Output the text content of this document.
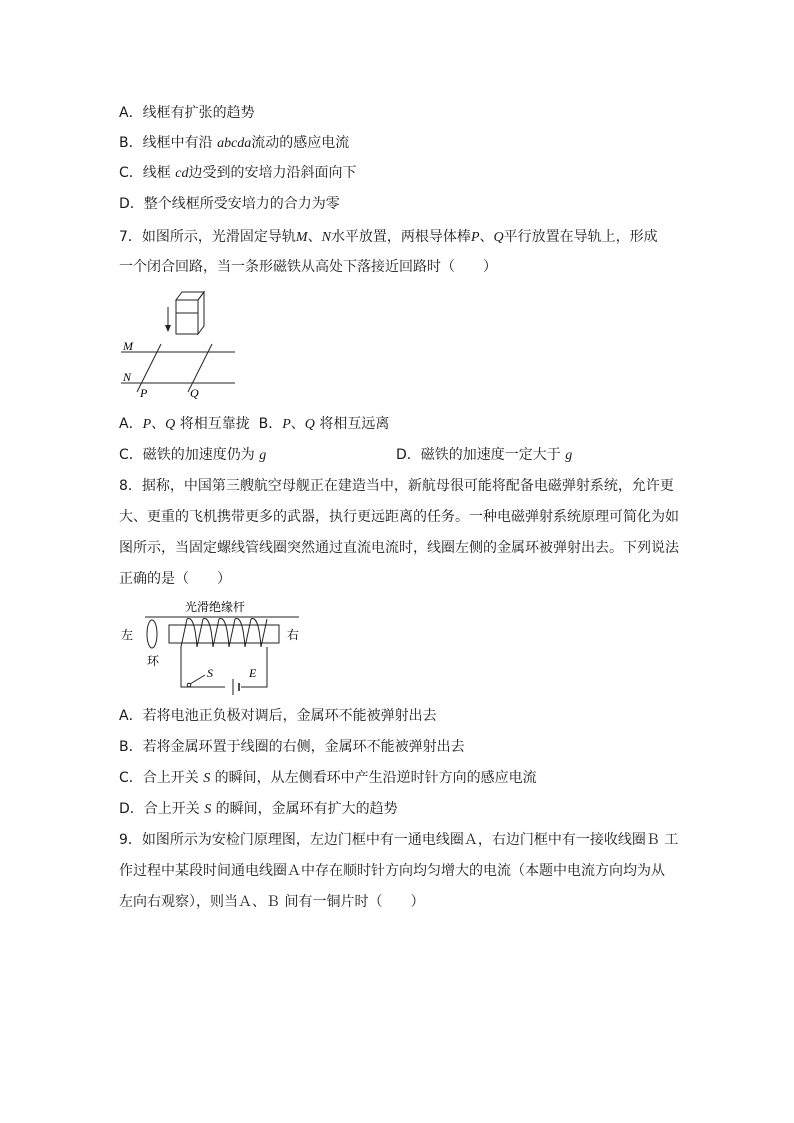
A．线框有扩张的趋势
B．线框中有沿 abcda流动的感应电流
C．线框 cd边受到的安培力沿斜面向下
D．整个线框所受安培力的合力为零
7．如图所示，光滑固定导轨M、N水平放置，两根导体棒P、Q平行放置在导轨上，形成
一个闭合回路，当一条形磁铁从高处下落接近回路时（　　）
M
N
P	Q
A．P、Q 将相互靠拢 B．P、Q 将相互远离
C．磁铁的加速度仍为 g	D．磁铁的加速度一定大于 g
8．据称，中国第三艘航空母舰正在建造当中，新航母很可能将配备电磁弹射系统，允许更
大、更重的飞机携带更多的武器，执行更远距离的任务。一种电磁弹射系统原理可简化为如
图所示，当固定螺线管线圈突然通过直流电流时，线圈左侧的金属环被弹射出去。下列说法
正确的是（　　）
光滑绝缘杆
左
环
右
S	E
A．若将电池正负极对调后，金属环不能被弹射出去
B．若将金属环置于线圈的右侧，金属环不能被弹射出去
C．合上开关 S 的瞬间，从左侧看环中产生沿逆时针方向的感应电流
D．合上开关 S 的瞬间，金属环有扩大的趋势
9．如图所示为安检门原理图，左边门框中有一通电线圈Ａ，右边门框中有一接收线圈Ｂ 工
作过程中某段时间通电线圈Ａ中存在顺时针方向均匀增大的电流（本题中电流方向均为从
左向右观察），则当Ａ、Ｂ 间有一铜片时（　　）
